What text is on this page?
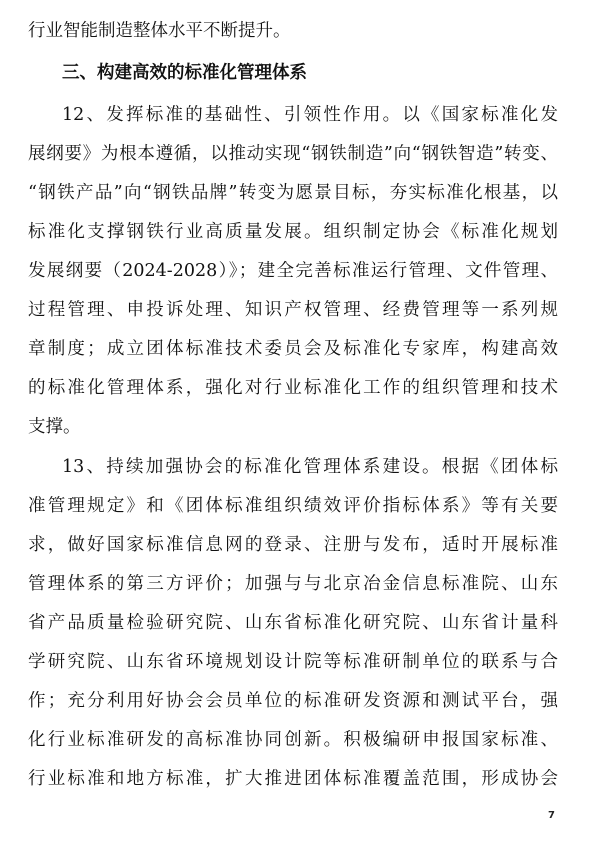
行业智能制造整体水平不断提升。
三、构建高效的标准化管理体系
12、发挥标准的基础性、引领性作用。以《国家标准化发
展纲要》为根本遵循，以推动实现“钢铁制造”向“钢铁智造”转变、
“钢铁产品”向“钢铁品牌”转变为愿景目标，夯实标准化根基，以
标准化支撑钢铁行业高质量发展。组织制定协会《标准化规划
发展纲要（2024-2028）》；建全完善标准运行管理、文件管理、
过程管理、申投诉处理、知识产权管理、经费管理等一系列规
章制度；成立团体标准技术委员会及标准化专家库，构建高效
的标准化管理体系，强化对行业标准化工作的组织管理和技术
支撑。
13、持续加强协会的标准化管理体系建设。根据《团体标
准管理规定》和《团体标准组织绩效评价指标体系》等有关要
求，做好国家标准信息网的登录、注册与发布，适时开展标准
管理体系的第三方评价；加强与与北京冶金信息标准院、山东
省产品质量检验研究院、山东省标准化研究院、山东省计量科
学研究院、山东省环境规划设计院等标准研制单位的联系与合
作；充分利用好协会会员单位的标准研发资源和测试平台，强
化行业标准研发的高标准协同创新。积极编研申报国家标准、
行业标准和地方标准，扩大推进团体标准覆盖范围，形成协会
7
